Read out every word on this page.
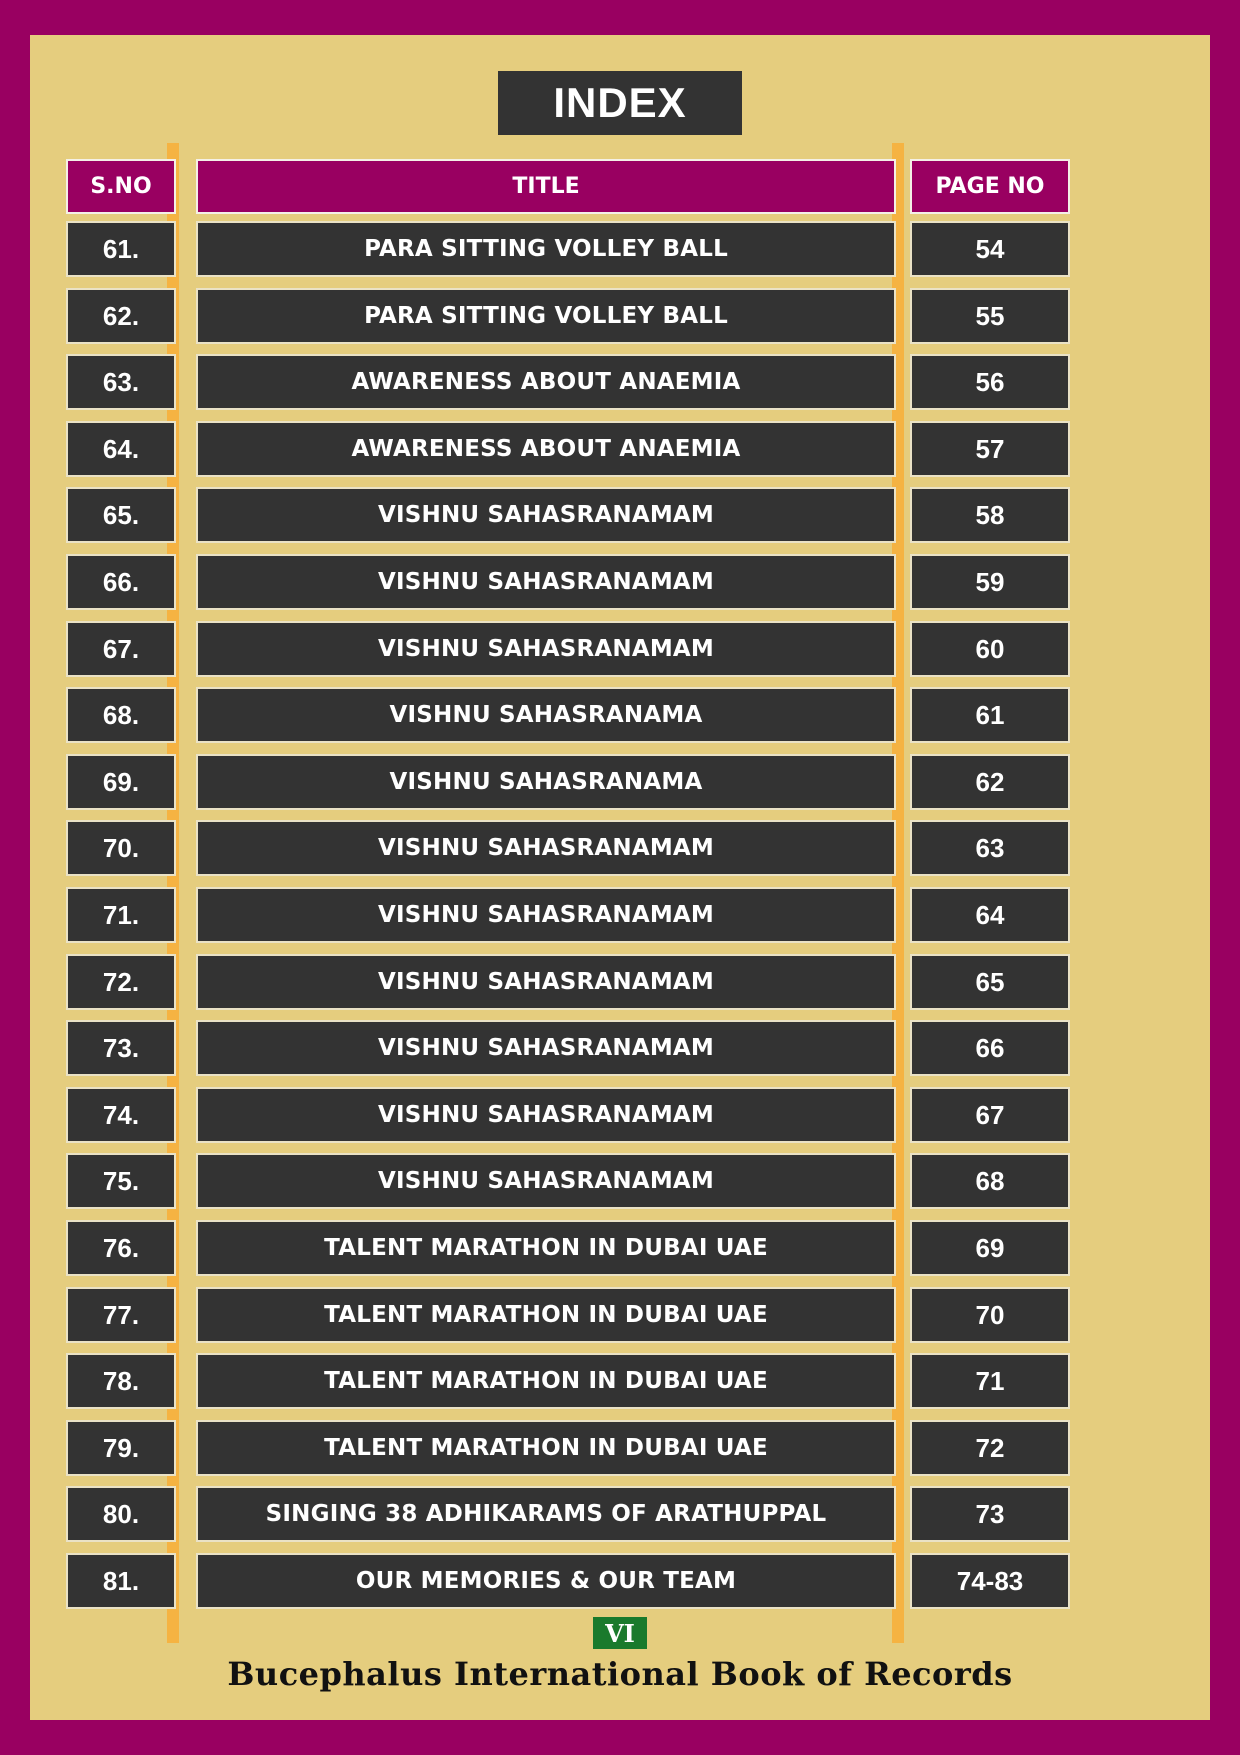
INDEX
S.NO	TITLE	PAGE NO
61.	PARA SITTING VOLLEY BALL	54
62.	PARA SITTING VOLLEY BALL	55
63.	AWARENESS ABOUT ANAEMIA	56
64.	AWARENESS ABOUT ANAEMIA	57
65.	VISHNU SAHASRANAMAM	58
66.	VISHNU SAHASRANAMAM	59
67.	VISHNU SAHASRANAMAM	60
68.	VISHNU SAHASRANAMA	61
69.	VISHNU SAHASRANAMA	62
70.	VISHNU SAHASRANAMAM	63
71.	VISHNU SAHASRANAMAM	64
72.	VISHNU SAHASRANAMAM	65
73.	VISHNU SAHASRANAMAM	66
74.	VISHNU SAHASRANAMAM	67
75.	VISHNU SAHASRANAMAM	68
76.	TALENT MARATHON IN DUBAI UAE	69
77.	TALENT MARATHON IN DUBAI UAE	70
78.	TALENT MARATHON IN DUBAI UAE	71
79.	TALENT MARATHON IN DUBAI UAE	72
80.	SINGING 38 ADHIKARAMS OF ARATHUPPAL	73
81.	OUR MEMORIES & OUR TEAM	74-83
VI
Bucephalus International Book of Records
